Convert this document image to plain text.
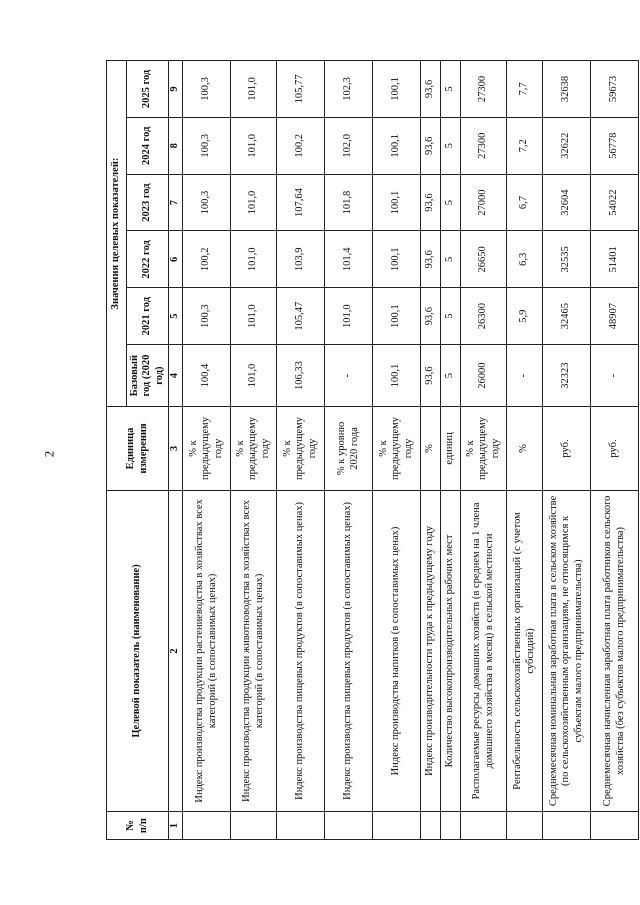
2
№ п/п	Целевой показатель (наименование)	Единица измерения	Значения целевых показателей:					
			Базовый год (2020 год)	2021 год	2022 год	2023 год	2024 год	2025 год
1	2	3	4	5	6	7	8	9
	Индекс производства продукции растениеводства в хозяйствах всех категорий (в сопоставимых ценах)	% к предыдущему году	100,4	100,3	100,2	100,3	100,3	100,3
	Индекс производства продукции животноводства в хозяйствах всех категорий (в сопоставимых ценах)	% к предыдущему году	101,0	101,0	101,0	101,0	101,0	101,0
	Индекс производства пищевых продуктов (в сопоставимых ценах)	% к предыдущему году	106,33	105,47	103,9	107,64	100,2	105,77
	Индекс производства пищевых продуктов (в сопоставимых ценах)	% к уровню 2020 года	-	101,0	101,4	101,8	102,0	102,3
	Индекс производства напитков (в сопоставимых ценах)	% к предыдущему году	100,1	100,1	100,1	100,1	100,1	100,1
	Индекс производительности труда к предыдущему году	%	93,6	93,6	93,6	93,6	93,6	93,6
	Количество высокопроизводительных рабочих мест	единиц	5	5	5	5	5	5
	Располагаемые ресурсы домашних хозяйств (в среднем на 1 члена домашнего хозяйства в месяц) в сельской местности	% к предыдущему году	26000	26300	26650	27000	27300	27300
	Рентабельность сельскохозяйственных организаций (с учетом субсидий)	%	-	5,9	6,3	6,7	7,2	7,7
	Среднемесячная номинальная заработная плата в сельском хозяйстве (по сельскохозяйственным организациям, не относящимся к субъектам малого предпринимательства)	руб.	32323	32465	32535	32604	32622	32638
	Среднемесячная начисленная заработная плата работников сельского хозяйства (без субъектов малого предпринимательства)	руб.	-	48907	51401	54022	56778	59673
